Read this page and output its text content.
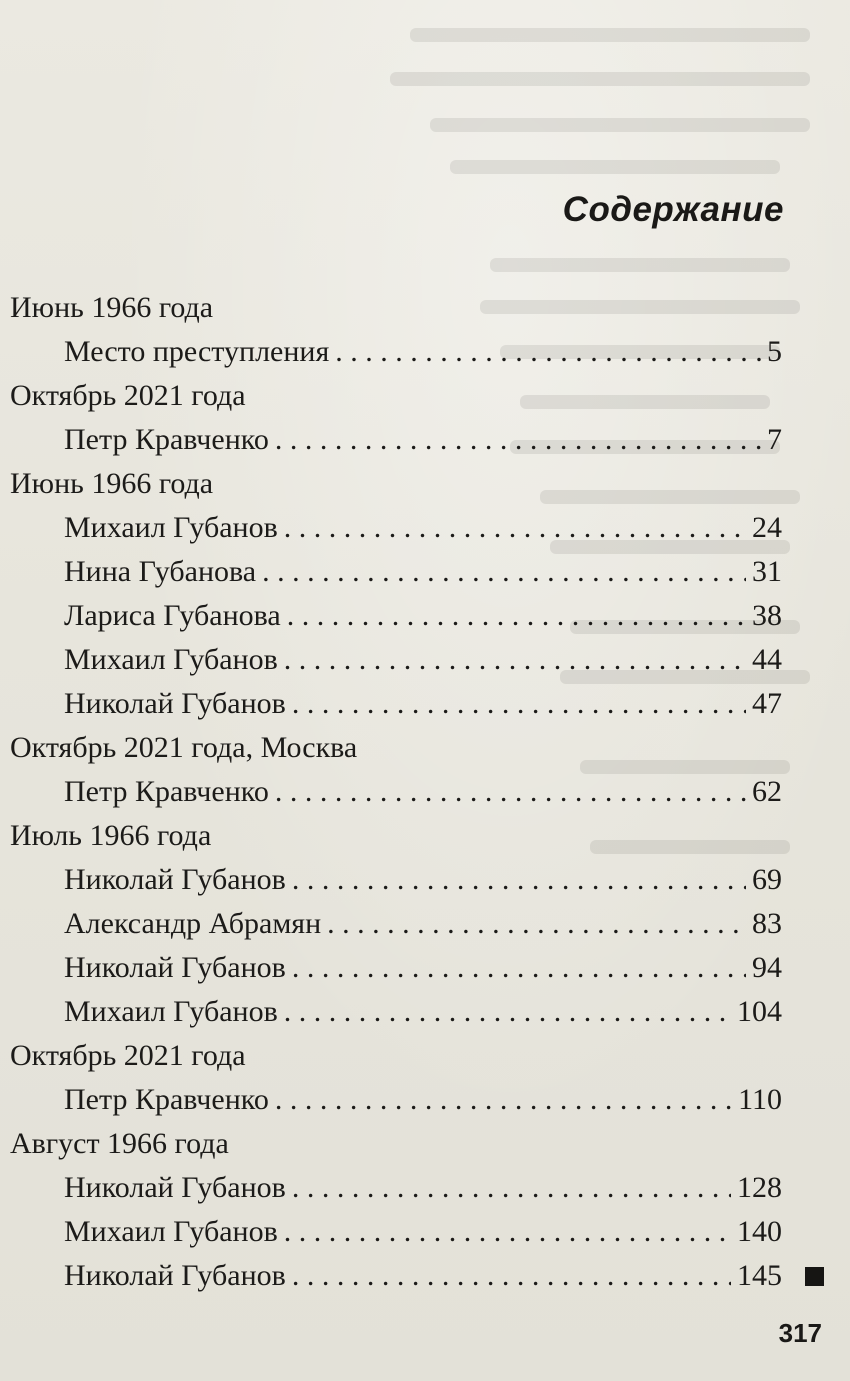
Содержание
Июнь 1966 года
Место преступления . . .	5
Октябрь 2021 года
Петр Кравченко . . .	7
Июнь 1966 года
Михаил Губанов . . .	24
Нина Губанова . . .	31
Лариса Губанова . . .	38
Михаил Губанов . . .	44
Николай Губанов . . .	47
Октябрь 2021 года, Москва
Петр Кравченко . . .	62
Июль 1966 года
Николай Губанов . . .	69
Александр Абрамян . . .	83
Николай Губанов . . .	94
Михаил Губанов . . .	104
Октябрь 2021 года
Петр Кравченко . . .	110
Август 1966 года
Николай Губанов . . .	128
Михаил Губанов . . .	140
Николай Губанов . . .	145
317
